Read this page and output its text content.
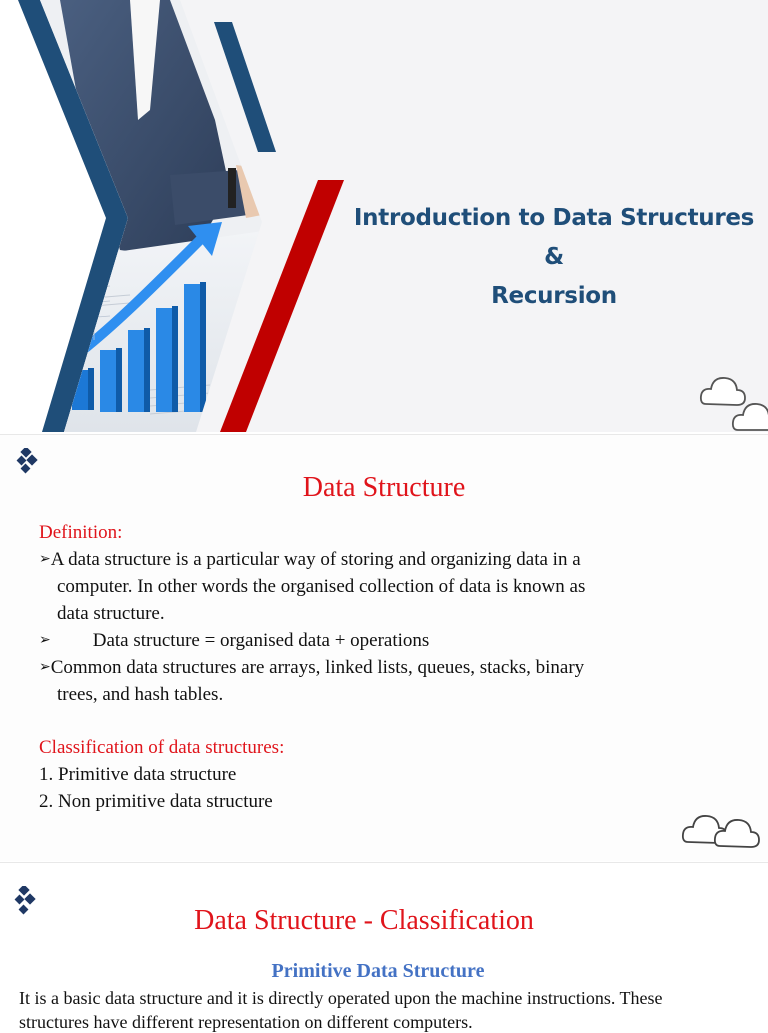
Introduction to Data Structures
&
Recursion
Data Structure
Definition:
➢A data structure is a particular way of storing and organizing data in a
computer. In other words the organised collection of data is known as
data structure.
➢ Data structure = organised data + operations
➢Common data structures are arrays, linked lists, queues, stacks, binary
trees, and hash tables.
Classification of data structures:
1. Primitive data structure
2. Non primitive data structure
Data Structure - Classification
Primitive Data Structure
It is a basic data structure and it is directly operated upon the machine instructions. These
structures have different representation on different computers.
